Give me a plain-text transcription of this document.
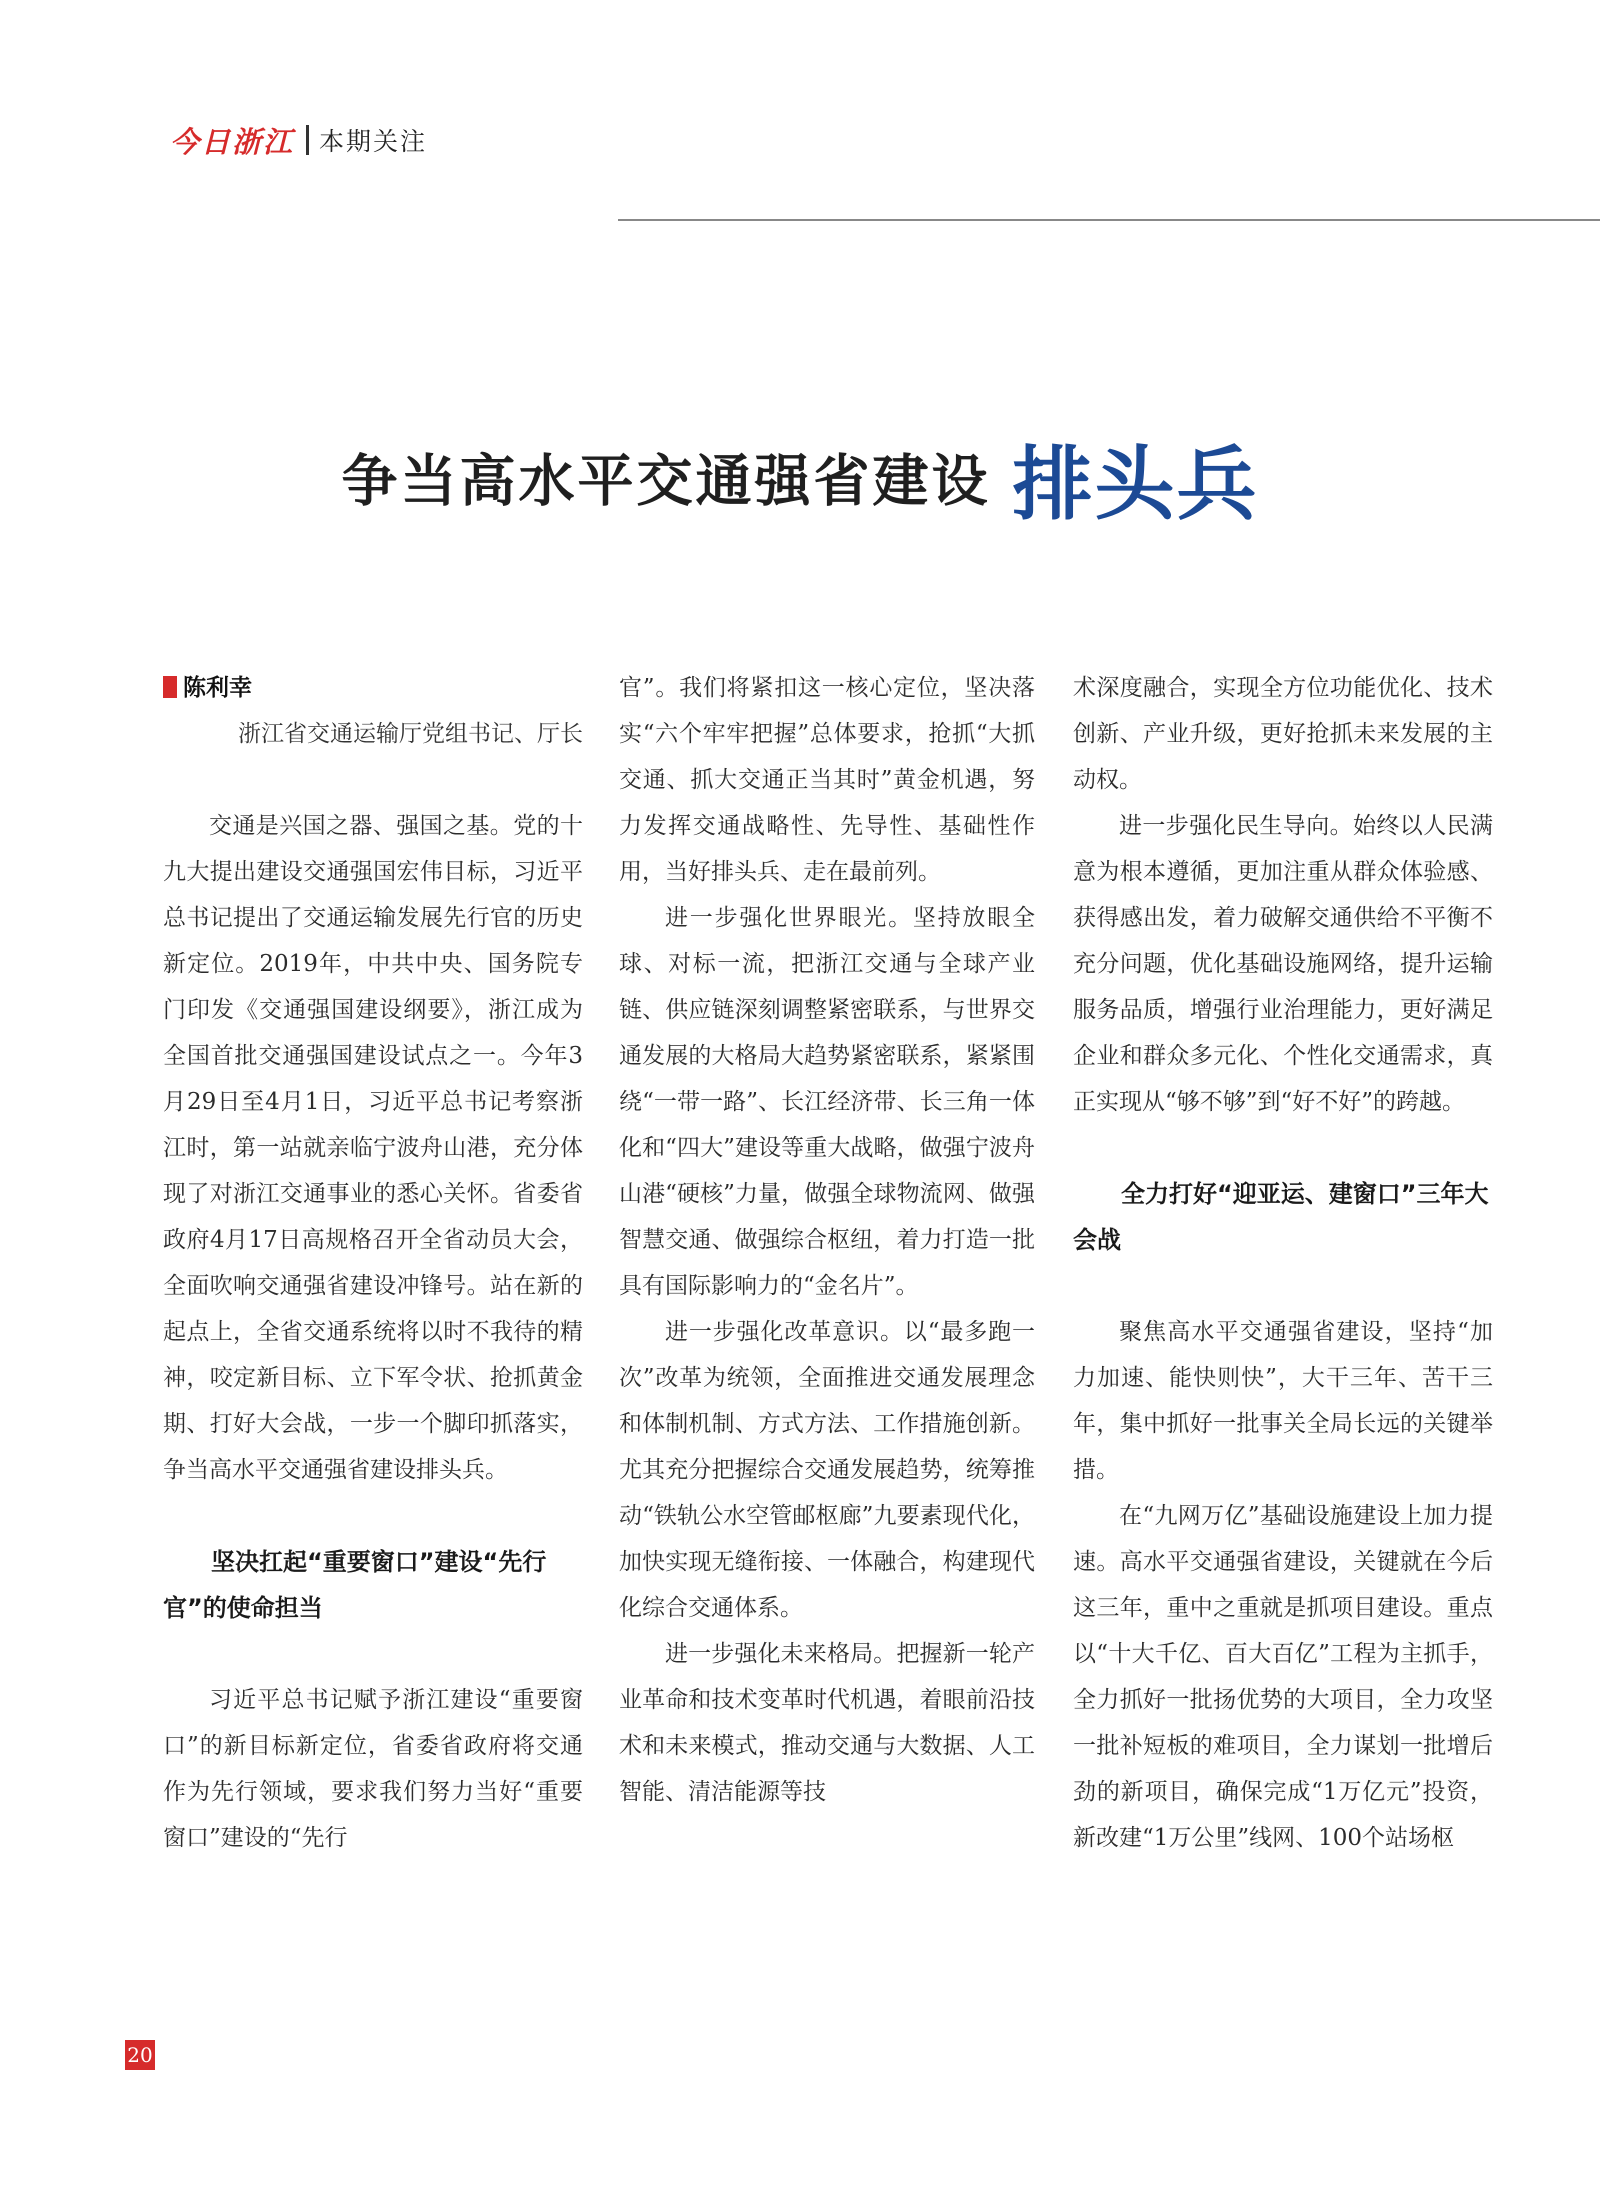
今日浙江 本期关注
争当高水平交通强省建设 排头兵
陈利幸
浙江省交通运输厅党组书记、厅长

交通是兴国之器、强国之基。党的十九大提出建设交通强国宏伟目标，习近平总书记提出了交通运输发展先行官的历史新定位。2019年，中共中央、国务院专门印发《交通强国建设纲要》，浙江成为全国首批交通强国建设试点之一。今年3月29日至4月1日，习近平总书记考察浙江时，第一站就亲临宁波舟山港，充分体现了对浙江交通事业的悉心关怀。省委省政府4月17日高规格召开全省动员大会，全面吹响交通强省建设冲锋号。站在新的起点上，全省交通系统将以时不我待的精神，咬定新目标、立下军令状、抢抓黄金期、打好大会战，一步一个脚印抓落实，争当高水平交通强省建设排头兵。

坚决扛起“重要窗口”建设“先行官”的使命担当

习近平总书记赋予浙江建设“重要窗口”的新目标新定位，省委省政府将交通作为先行领域，要求我们努力当好“重要窗口”建设的“先行

官”。我们将紧扣这一核心定位，坚决落实“六个牢牢把握”总体要求，抢抓“大抓交通、抓大交通正当其时”黄金机遇，努力发挥交通战略性、先导性、基础性作用，当好排头兵、走在最前列。

进一步强化世界眼光。坚持放眼全球、对标一流，把浙江交通与全球产业链、供应链深刻调整紧密联系，与世界交通发展的大格局大趋势紧密联系，紧紧围绕“一带一路”、长江经济带、长三角一体化和“四大”建设等重大战略，做强宁波舟山港“硬核”力量，做强全球物流网、做强智慧交通、做强综合枢纽，着力打造一批具有国际影响力的“金名片”。

进一步强化改革意识。以“最多跑一次”改革为统领，全面推进交通发展理念和体制机制、方式方法、工作措施创新。尤其充分把握综合交通发展趋势，统筹推动“铁轨公水空管邮枢廊”九要素现代化，加快实现无缝衔接、一体融合，构建现代化综合交通体系。

进一步强化未来格局。把握新一轮产业革命和技术变革时代机遇，着眼前沿技术和未来模式，推动交通与大数据、人工智能、清洁能源等技

术深度融合，实现全方位功能优化、技术创新、产业升级，更好抢抓未来发展的主动权。

进一步强化民生导向。始终以人民满意为根本遵循，更加注重从群众体验感、获得感出发，着力破解交通供给不平衡不充分问题，优化基础设施网络，提升运输服务品质，增强行业治理能力，更好满足企业和群众多元化、个性化交通需求，真正实现从“够不够”到“好不好”的跨越。

全力打好“迎亚运、建窗口”三年大会战

聚焦高水平交通强省建设，坚持“加力加速、能快则快”，大干三年、苦干三年，集中抓好一批事关全局长远的关键举措。

在“九网万亿”基础设施建设上加力提速。高水平交通强省建设，关键就在今后这三年，重中之重就是抓项目建设。重点以“十大千亿、百大百亿”工程为主抓手，全力抓好一批扬优势的大项目，全力攻坚一批补短板的难项目，全力谋划一批增后劲的新项目，确保完成“1万亿元”投资，新改建“1万公里”线网、100个站场枢

20
